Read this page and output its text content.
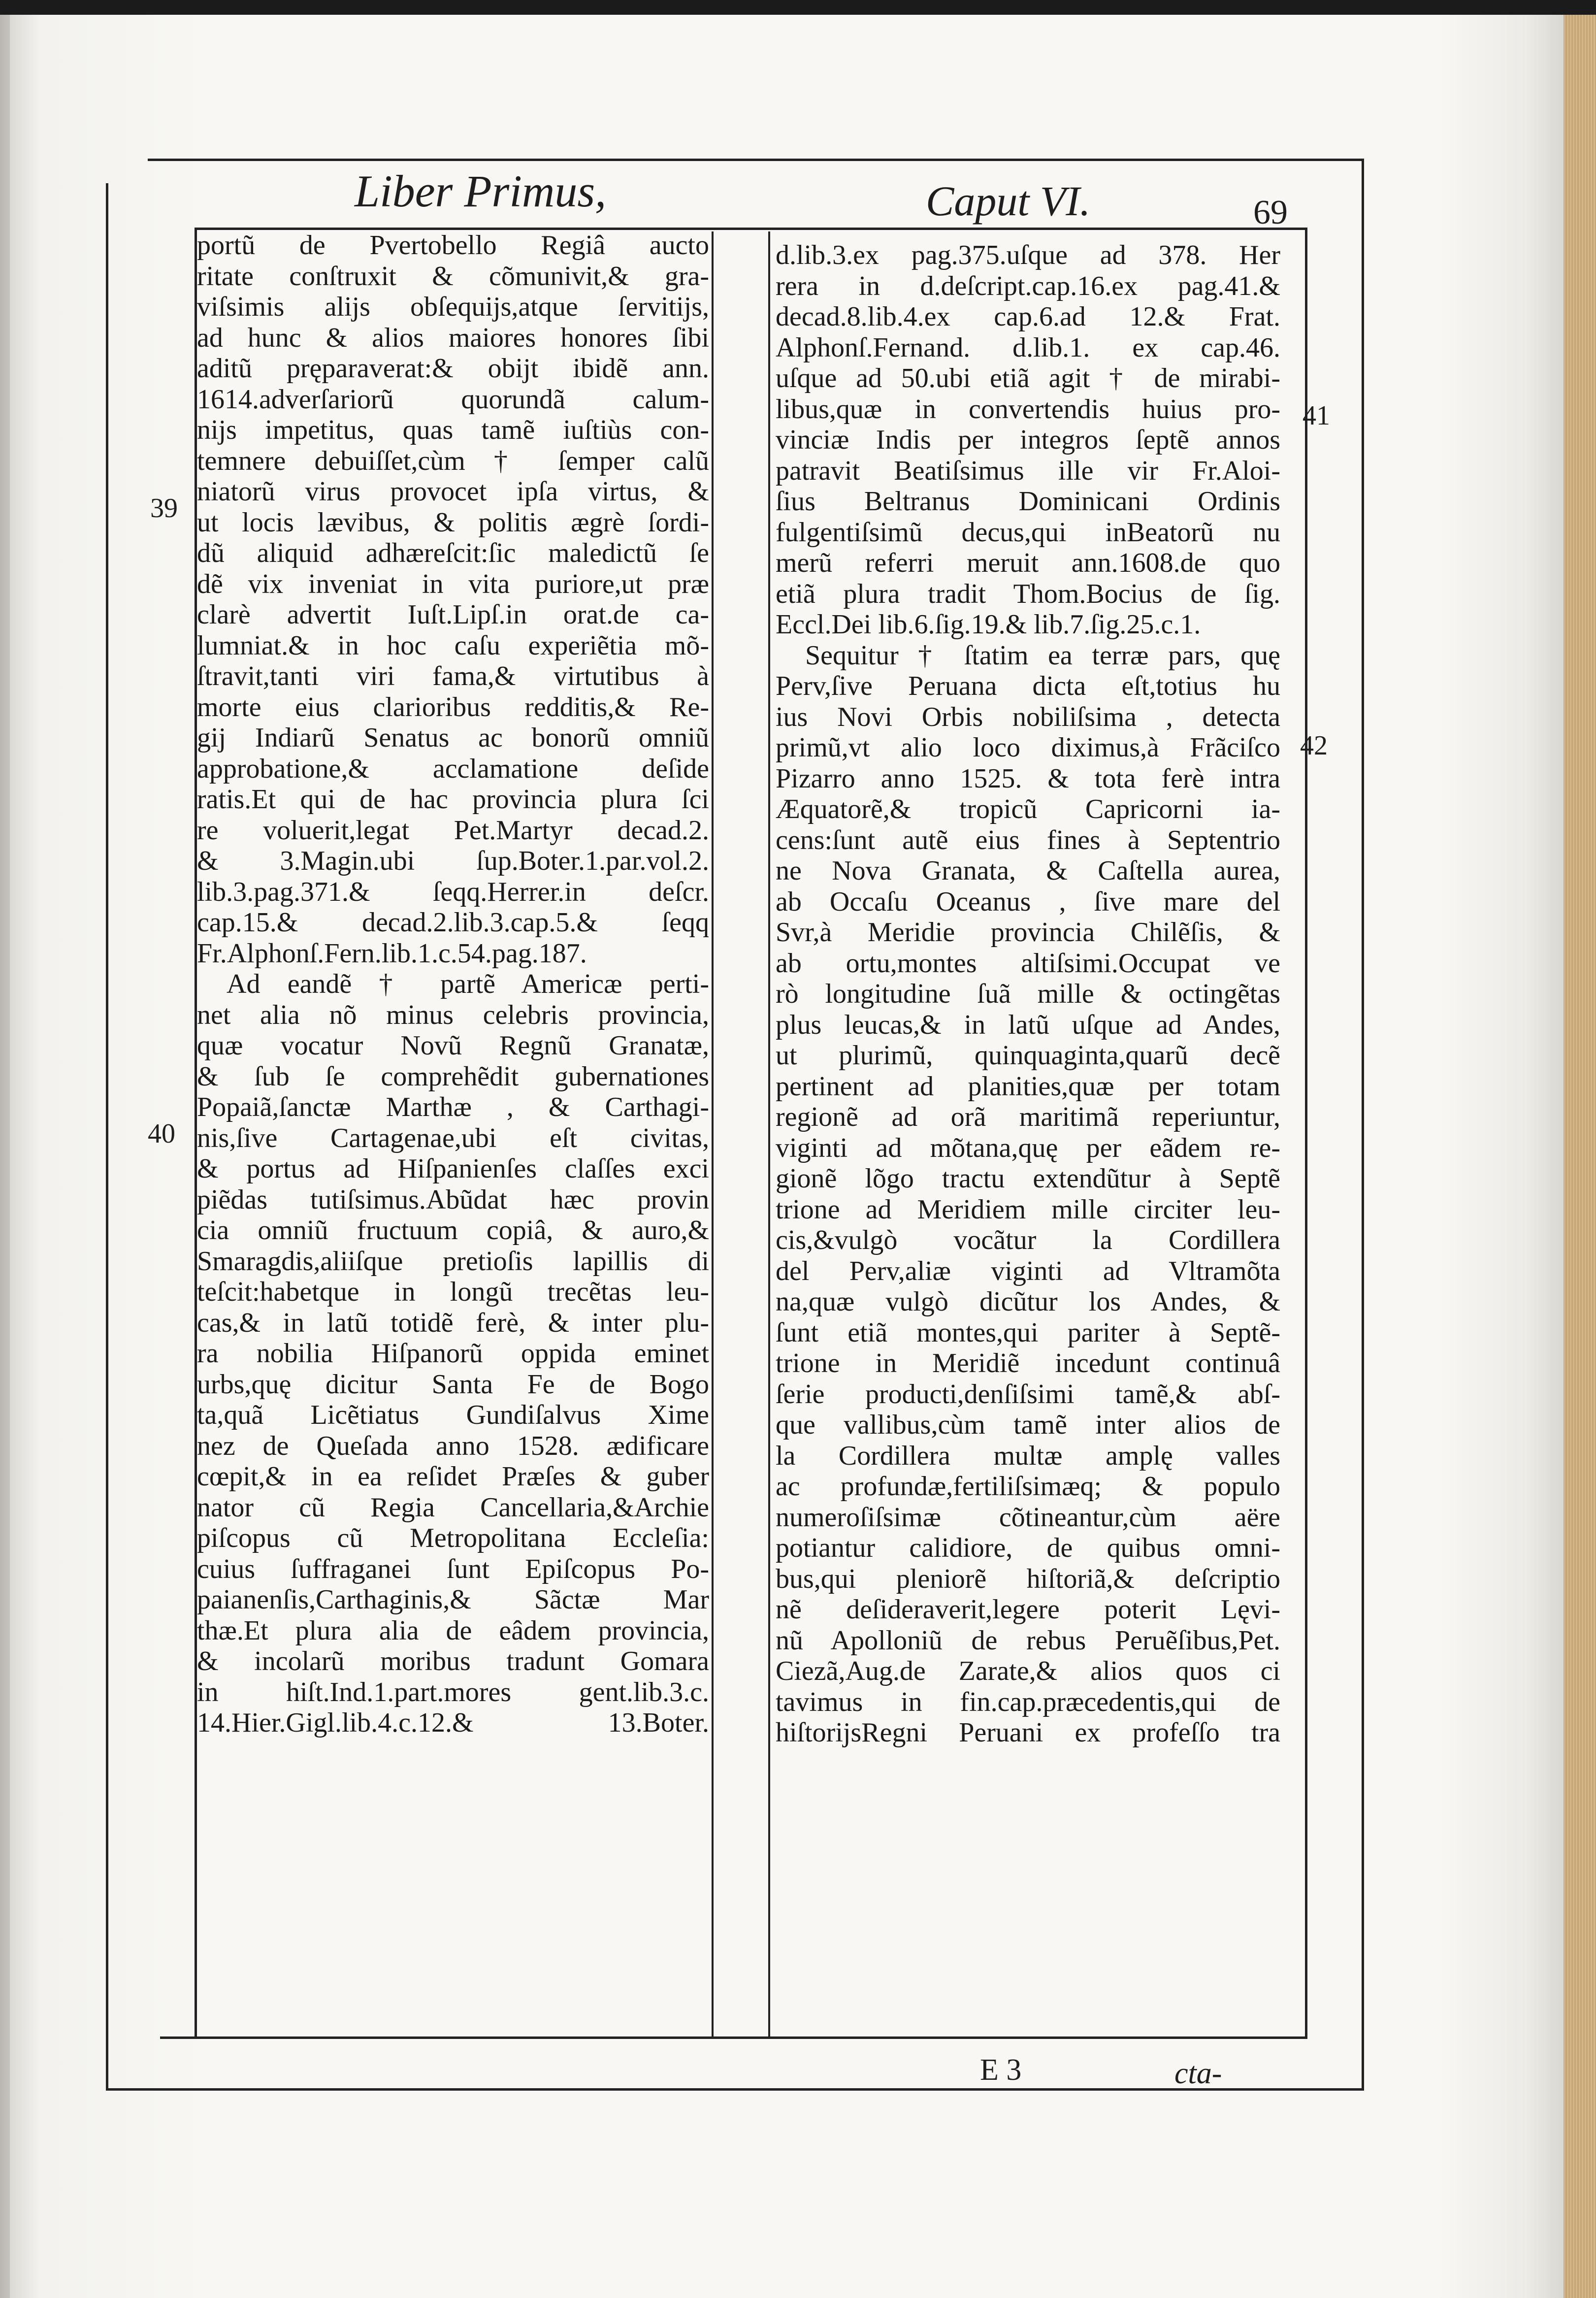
Liber Primus,	Caput VI.	69
39
40
41
42
portũ de Pvertobello Regiâ aucto
ritate conſtruxit & cõmunivit,& gra-
viſsimis alijs obſequijs,atque ſervitijs,
ad hunc & alios maiores honores ſibi
aditũ pręparaverat:& obijt ibidẽ ann.
1614.adverſariorũ quorundã calum-
nijs impetitus, quas tamẽ iuſtiùs con-
temnere debuiſſet,cùm † ſemper calũ
niatorũ virus provocet ipſa virtus, &
ut locis lævibus, & politis ægrè ſordi-
dũ aliquid adhæreſcit:ſic maledictũ ſe
dẽ vix inveniat in vita puriore,ut præ
clarè advertit Iuſt.Lipſ.in orat.de ca-
lumniat.& in hoc caſu experiẽtia mõ-
ſtravit,tanti viri fama,& virtutibus à
morte eius clarioribus redditis,& Re-
gij Indiarũ Senatus ac bonorũ omniũ
approbatione,& acclamatione deſide
ratis.Et qui de hac provincia plura ſci
re voluerit,legat Pet.Martyr decad.2.
& 3.Magin.ubi ſup.Boter.1.par.vol.2.
lib.3.pag.371.& ſeqq.Herrer.in deſcr.
cap.15.& decad.2.lib.3.cap.5.& ſeqq
Fr.Alphonſ.Fern.lib.1.c.54.pag.187.
Ad eandẽ † partẽ Americæ perti-
net alia nõ minus celebris provincia,
quæ vocatur Novũ Regnũ Granatæ,
& ſub ſe comprehẽdit gubernationes
Popaiã,ſanctæ Marthæ , & Carthagi-
nis,ſive Cartagenae,ubi eſt civitas,
& portus ad Hiſpanienſes claſſes exci
piẽdas tutiſsimus.Abũdat hæc provin
cia omniũ fructuum copiâ, & auro,&
Smaragdis,aliiſque pretioſis lapillis di
teſcit:habetque in longũ trecẽtas leu-
cas,& in latũ totidẽ ferè, & inter plu-
ra nobilia Hiſpanorũ oppida eminet
urbs,quę dicitur Santa Fe de Bogo
ta,quã Licẽtiatus Gundiſalvus Xime
nez de Queſada anno 1528. ædificare
cœpit,& in ea reſidet Præſes & guber
nator cũ Regia Cancellaria,&Archie
piſcopus cũ Metropolitana Eccleſia:
cuius ſuffraganei ſunt Epiſcopus Po-
paianenſis,Carthaginis,& Sãctæ Mar
thæ.Et plura alia de eâdem provincia,
& incolarũ moribus tradunt Gomara
in hiſt.Ind.1.part.mores gent.lib.3.c.
14.Hier.Gigl.lib.4.c.12.& 13.Boter.
d.lib.3.ex pag.375.uſque ad 378. Her
rera in d.deſcript.cap.16.ex pag.41.&
decad.8.lib.4.ex cap.6.ad 12.& Frat.
Alphonſ.Fernand. d.lib.1. ex cap.46.
uſque ad 50.ubi etiã agit † de mirabi-
libus,quæ in convertendis huius pro-
vinciæ Indis per integros ſeptẽ annos
patravit Beatiſsimus ille vir Fr.Aloi-
ſius Beltranus Dominicani Ordinis
fulgentiſsimũ decus,qui inBeatorũ nu
merũ referri meruit ann.1608.de quo
etiã plura tradit Thom.Bocius de ſig.
Eccl.Dei lib.6.ſig.19.& lib.7.ſig.25.c.1.
Sequitur † ſtatim ea terræ pars, quę
Perv,ſive Peruana dicta eſt,totius hu
ius Novi Orbis nobiliſsima , detecta
primũ,vt alio loco diximus,à Frãciſco
Pizarro anno 1525. & tota ferè intra
Æquatorẽ,& tropicũ Capricorni ia-
cens:ſunt autẽ eius fines à Septentrio
ne Nova Granata, & Caſtella aurea,
ab Occaſu Oceanus , ſive mare del
Svr,à Meridie provincia Chilẽſis, &
ab ortu,montes altiſsimi.Occupat ve
rò longitudine ſuã mille & octingẽtas
plus leucas,& in latũ uſque ad Andes,
ut plurimũ, quinquaginta,quarũ decẽ
pertinent ad planities,quæ per totam
regionẽ ad orã maritimã reperiuntur,
viginti ad mõtana,quę per eãdem re-
gionẽ lõgo tractu extendũtur à Septẽ
trione ad Meridiem mille circiter leu-
cis,&vulgò vocãtur la Cordillera
del Perv,aliæ viginti ad Vltramõta
na,quæ vulgò dicũtur los Andes, &
ſunt etiã montes,qui pariter à Septẽ-
trione in Meridiẽ incedunt continuâ
ſerie producti,denſiſsimi tamẽ,& abſ-
que vallibus,cùm tamẽ inter alios de
la Cordillera multæ amplę valles
ac profundæ,fertiliſsimæq; & populo
numeroſiſsimæ cõtineantur,cùm aëre
potiantur calidiore, de quibus omni-
bus,qui pleniorẽ hiſtoriã,& deſcriptio
nẽ deſideraverit,legere poterit Lęvi-
nũ Apolloniũ de rebus Peruẽſibus,Pet.
Ciezã,Aug.de Zarate,& alios quos ci
tavimus in fin.cap.præcedentis,qui de
hiſtorijsRegni Peruani ex profeſſo tra
E 3	cta-
